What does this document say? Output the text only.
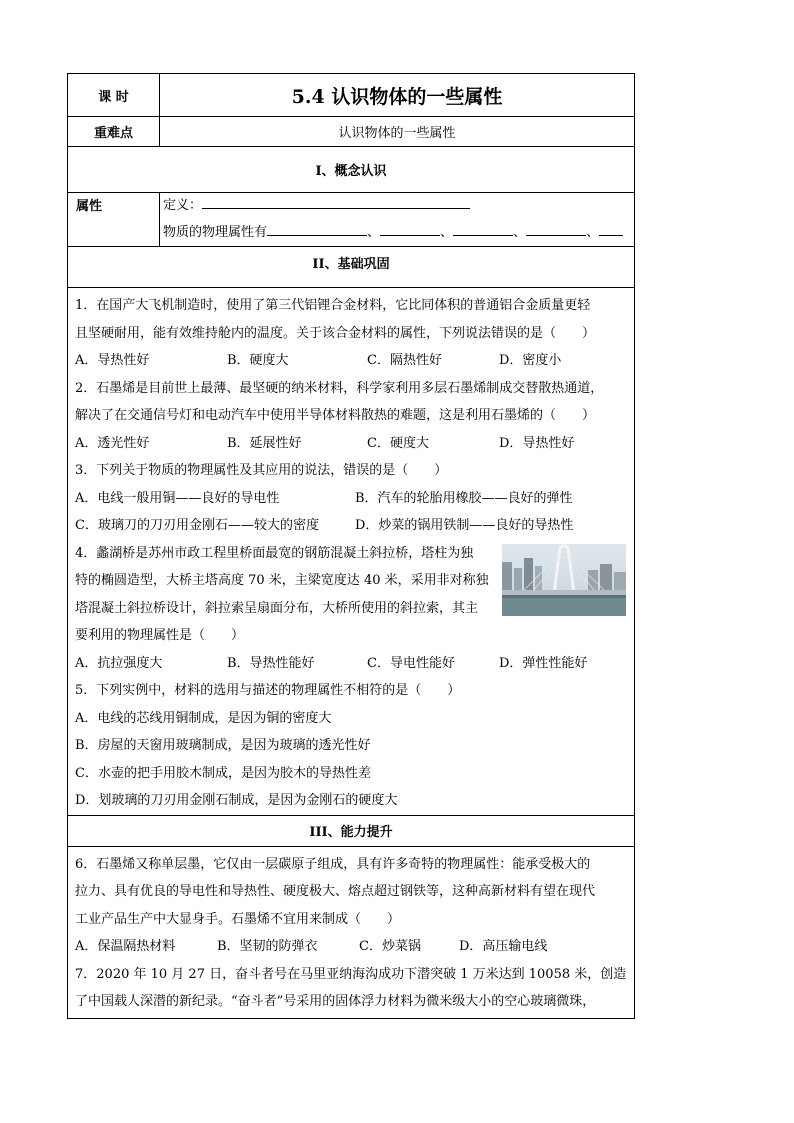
课 时	5.4 认识物体的一些属性
重难点	认识物体的一些属性
I、概念认识
属性	定义：
物质的物理属性有	、	、	、	、
II、基础巩固

1．在国产大飞机制造时，使用了第三代铝锂合金材料，它比同体积的普通铝合金质量更轻

且坚硬耐用，能有效维持舱内的温度。关于该合金材料的属性，下列说法错误的是（　　）

A．导热性好	B．硬度大	C．隔热性好	D．密度小

2．石墨烯是目前世上最薄、最坚硬的纳米材料，科学家利用多层石墨烯制成交替散热通道，

解决了在交通信号灯和电动汽车中使用半导体材料散热的难题，这是利用石墨烯的（　　）

A．透光性好	B．延展性好	C．硬度大	D．导热性好

3．下列关于物质的物理属性及其应用的说法，错误的是（　　）

A．电线一般用铜——良好的导电性	B．汽车的轮胎用橡胶——良好的弹性
C．玻璃刀的刀刃用金刚石——较大的密度	D．炒菜的锅用铁制——良好的导热性

4．蠡湖桥是苏州市政工程里桥面最宽的钢筋混凝土斜拉桥，塔柱为独

特的椭圆造型，大桥主塔高度 70 米，主梁宽度达 40 米，采用非对称独

塔混凝土斜拉桥设计，斜拉索呈扇面分布，大桥所使用的斜拉索，其主

要利用的物理属性是（　　）

A．抗拉强度大	B．导热性能好	C．导电性能好	D．弹性性能好

5．下列实例中，材料的选用与描述的物理属性不相符的是（　　）

A．电线的芯线用铜制成，是因为铜的密度大

B．房屋的天窗用玻璃制成，是因为玻璃的透光性好

C．水壶的把手用胶木制成，是因为胶木的导热性差

D．划玻璃的刀刃用金刚石制成，是因为金刚石的硬度大

III、能力提升

6．石墨烯又称单层墨，它仅由一层碳原子组成，具有许多奇特的物理属性：能承受极大的

拉力、具有优良的导电性和导热性、硬度极大、熔点超过钢铁等，这种高新材料有望在现代

工业产品生产中大显身手。石墨烯不宜用来制成（　　）

A．保温隔热材料	B．坚韧的防弹衣	C．炒菜锅	D．高压输电线

7．2020 年 10 月 27 日，奋斗者号在马里亚纳海沟成功下潜突破 1 万米达到 10058 米，创造

了中国载人深潜的新纪录。“奋斗者”号采用的固体浮力材料为微米级大小的空心玻璃微珠，
